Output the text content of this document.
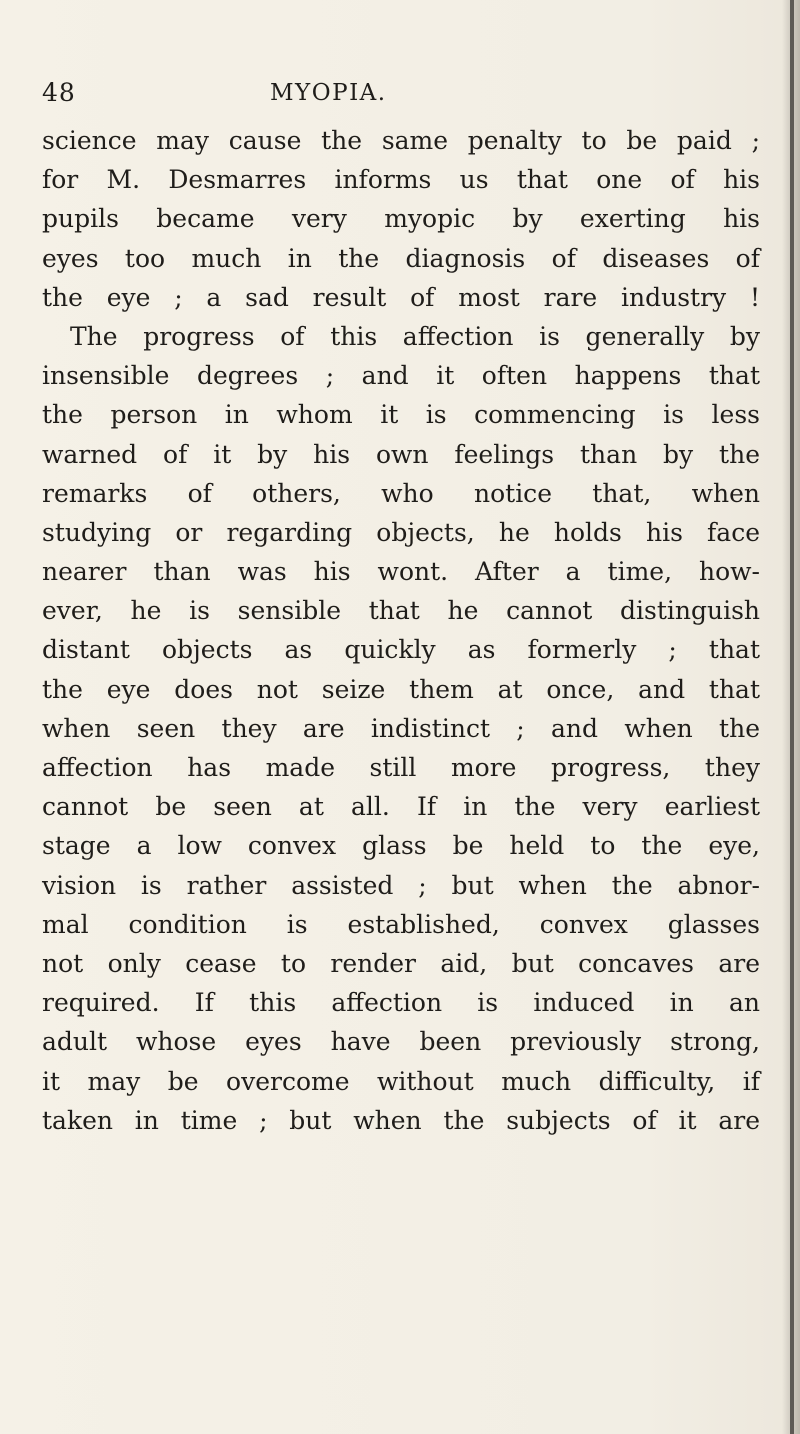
48	MYOPIA.
science may cause the same penalty to be paid ;
for M. Desmarres informs us that one of his
pupils became very myopic by exerting his
eyes too much in the diagnosis of diseases of
the eye ; a sad result of most rare industry !
The progress of this affection is generally by
insensible degrees ; and it often happens that
the person in whom it is commencing is less
warned of it by his own feelings than by the
remarks of others, who notice that, when
studying or regarding objects, he holds his face
nearer than was his wont. After a time, how-
ever, he is sensible that he cannot distinguish
distant objects as quickly as formerly ; that
the eye does not seize them at once, and that
when seen they are indistinct ; and when the
affection has made still more progress, they
cannot be seen at all. If in the very earliest
stage a low convex glass be held to the eye,
vision is rather assisted ; but when the abnor-
mal condition is established, convex glasses
not only cease to render aid, but concaves are
required. If this affection is induced in an
adult whose eyes have been previously strong,
it may be overcome without much difficulty, if
taken in time ; but when the subjects of it are
